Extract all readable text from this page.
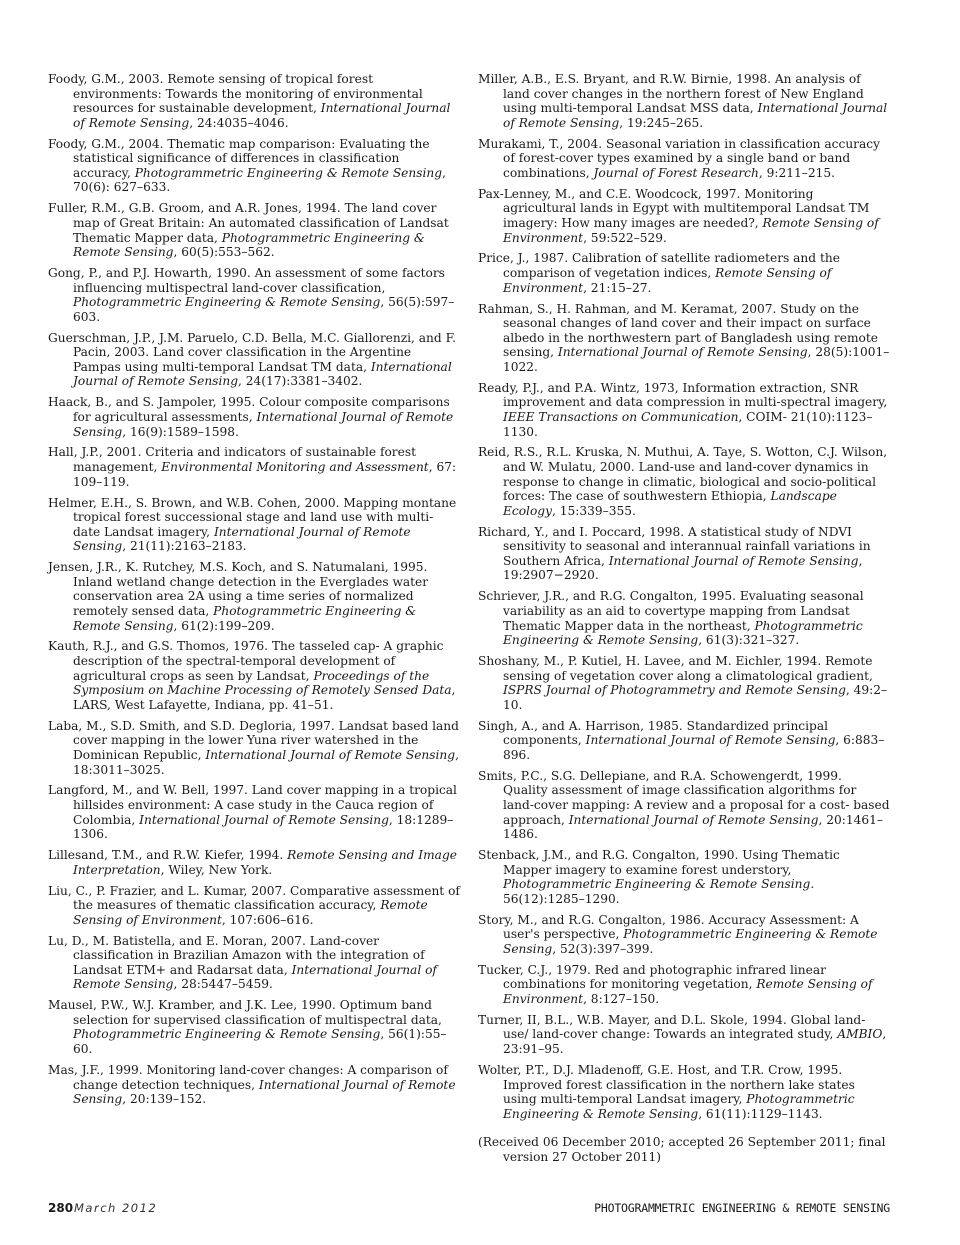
Foody, G.M., 2003. Remote sensing of tropical forest environments: Towards the monitoring of environmental resources for sustainable development, International Journal of Remote Sensing, 24:4035–4046.

Foody, G.M., 2004. Thematic map comparison: Evaluating the statistical significance of differences in classification accuracy, Photogrammetric Engineering & Remote Sensing, 70(6): 627–633.

Fuller, R.M., G.B. Groom, and A.R. Jones, 1994. The land cover map of Great Britain: An automated classification of Landsat Thematic Mapper data, Photogrammetric Engineering & Remote Sensing, 60(5):553–562.

Gong, P., and P.J. Howarth, 1990. An assessment of some factors influencing multispectral land-cover classification, Photogrammetric Engineering & Remote Sensing, 56(5):597–603.

Guerschman, J.P., J.M. Paruelo, C.D. Bella, M.C. Giallorenzi, and F. Pacin, 2003. Land cover classification in the Argentine Pampas using multi-temporal Landsat TM data, International Journal of Remote Sensing, 24(17):3381–3402.

Haack, B., and S. Jampoler, 1995. Colour composite comparisons for agricultural assessments, International Journal of Remote Sensing, 16(9):1589–1598.

Hall, J.P., 2001. Criteria and indicators of sustainable forest management, Environmental Monitoring and Assessment, 67: 109–119.

Helmer, E.H., S. Brown, and W.B. Cohen, 2000. Mapping montane tropical forest successional stage and land use with multi-date Landsat imagery, International Journal of Remote Sensing, 21(11):2163–2183.

Jensen, J.R., K. Rutchey, M.S. Koch, and S. Natumalani, 1995. Inland wetland change detection in the Everglades water conservation area 2A using a time series of normalized remotely sensed data, Photogrammetric Engineering & Remote Sensing, 61(2):199–209.

Kauth, R.J., and G.S. Thomos, 1976. The tasseled cap- A graphic description of the spectral-temporal development of agricultural crops as seen by Landsat, Proceedings of the Symposium on Machine Processing of Remotely Sensed Data, LARS, West Lafayette, Indiana, pp. 41–51.

Laba, M., S.D. Smith, and S.D. Degloria, 1997. Landsat based land cover mapping in the lower Yuna river watershed in the Dominican Republic, International Journal of Remote Sensing, 18:3011–3025.

Langford, M., and W. Bell, 1997. Land cover mapping in a tropical hillsides environment: A case study in the Cauca region of Colombia, International Journal of Remote Sensing, 18:1289–1306.

Lillesand, T.M., and R.W. Kiefer, 1994. Remote Sensing and Image Interpretation, Wiley, New York.

Liu, C., P. Frazier, and L. Kumar, 2007. Comparative assessment of the measures of thematic classification accuracy, Remote Sensing of Environment, 107:606–616.

Lu, D., M. Batistella, and E. Moran, 2007. Land-cover classification in Brazilian Amazon with the integration of Landsat ETM+ and Radarsat data, International Journal of Remote Sensing, 28:5447–5459.

Mausel, P.W., W.J. Kramber, and J.K. Lee, 1990. Optimum band selection for supervised classification of multispectral data, Photogrammetric Engineering & Remote Sensing, 56(1):55–60.

Mas, J.F., 1999. Monitoring land-cover changes: A comparison of change detection techniques, International Journal of Remote Sensing, 20:139–152.

Miller, A.B., E.S. Bryant, and R.W. Birnie, 1998. An analysis of land cover changes in the northern forest of New England using multi-temporal Landsat MSS data, International Journal of Remote Sensing, 19:245–265.

Murakami, T., 2004. Seasonal variation in classification accuracy of forest-cover types examined by a single band or band combinations, Journal of Forest Research, 9:211–215.

Pax-Lenney, M., and C.E. Woodcock, 1997. Monitoring agricultural lands in Egypt with multitemporal Landsat TM imagery: How many images are needed?, Remote Sensing of Environment, 59:522–529.

Price, J., 1987. Calibration of satellite radiometers and the comparison of vegetation indices, Remote Sensing of Environment, 21:15–27.

Rahman, S., H. Rahman, and M. Keramat, 2007. Study on the seasonal changes of land cover and their impact on surface albedo in the northwestern part of Bangladesh using remote sensing, International Journal of Remote Sensing, 28(5):1001–1022.

Ready, P.J., and P.A. Wintz, 1973, Information extraction, SNR improvement and data compression in multi-spectral imagery, IEEE Transactions on Communication, COIM- 21(10):1123–1130.

Reid, R.S., R.L. Kruska, N. Muthui, A. Taye, S. Wotton, C.J. Wilson, and W. Mulatu, 2000. Land-use and land-cover dynamics in response to change in climatic, biological and socio-political forces: The case of southwestern Ethiopia, Landscape Ecology, 15:339–355.

Richard, Y., and I. Poccard, 1998. A statistical study of NDVI sensitivity to seasonal and interannual rainfall variations in Southern Africa, International Journal of Remote Sensing, 19:2907−2920.

Schriever, J.R., and R.G. Congalton, 1995. Evaluating seasonal variability as an aid to covertype mapping from Landsat Thematic Mapper data in the northeast, Photogrammetric Engineering & Remote Sensing, 61(3):321–327.

Shoshany, M., P. Kutiel, H. Lavee, and M. Eichler, 1994. Remote sensing of vegetation cover along a climatological gradient, ISPRS Journal of Photogrammetry and Remote Sensing, 49:2–10.

Singh, A., and A. Harrison, 1985. Standardized principal components, International Journal of Remote Sensing, 6:883–896.

Smits, P.C., S.G. Dellepiane, and R.A. Schowengerdt, 1999. Quality assessment of image classification algorithms for land-cover mapping: A review and a proposal for a cost- based approach, International Journal of Remote Sensing, 20:1461–1486.

Stenback, J.M., and R.G. Congalton, 1990. Using Thematic Mapper imagery to examine forest understory, Photogrammetric Engineering & Remote Sensing. 56(12):1285–1290.

Story, M., and R.G. Congalton, 1986. Accuracy Assessment: A user's perspective, Photogrammetric Engineering & Remote Sensing, 52(3):397–399.

Tucker, C.J., 1979. Red and photographic infrared linear combinations for monitoring vegetation, Remote Sensing of Environment, 8:127–150.

Turner, II, B.L., W.B. Mayer, and D.L. Skole, 1994. Global land-use/ land-cover change: Towards an integrated study, AMBIO, 23:91–95.

Wolter, P.T., D.J. Mladenoff, G.E. Host, and T.R. Crow, 1995. Improved forest classification in the northern lake states using multi-temporal Landsat imagery, Photogrammetric Engineering & Remote Sensing, 61(11):1129–1143.

(Received 06 December 2010; accepted 26 September 2011; final version 27 October 2011)

280 March 2012	PHOTOGRAMMETRIC ENGINEERING & REMOTE SENSING
